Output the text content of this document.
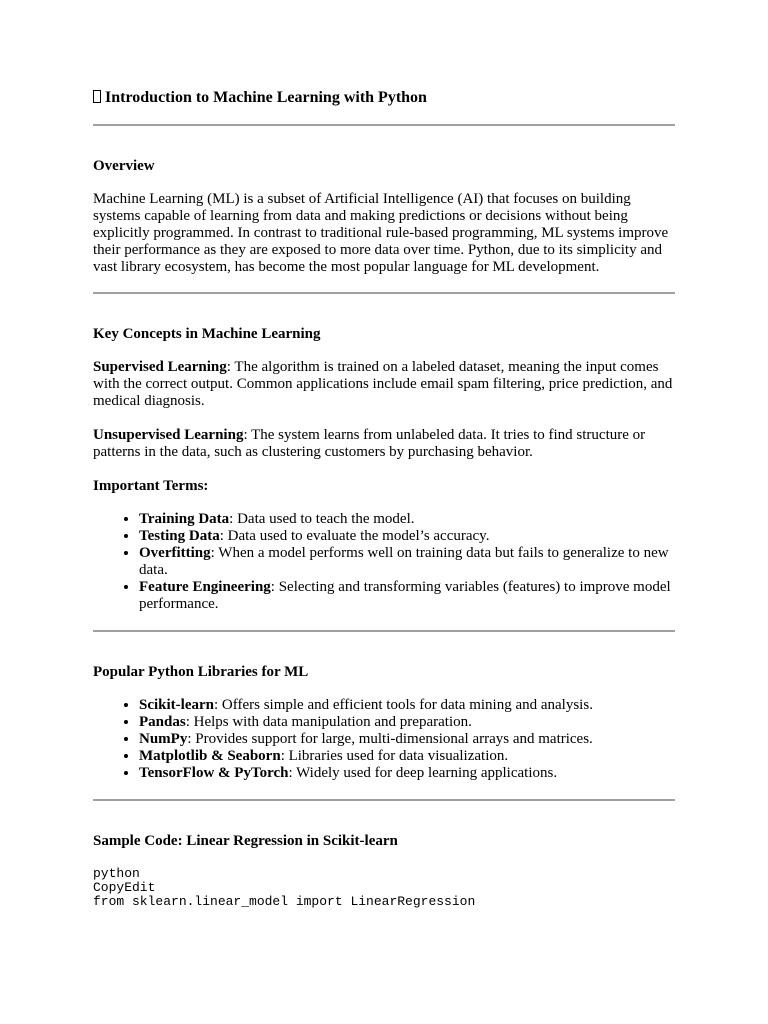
Introduction to Machine Learning with Python
Overview

Machine Learning (ML) is a subset of Artificial Intelligence (AI) that focuses on building systems capable of learning from data and making predictions or decisions without being explicitly programmed. In contrast to traditional rule-based programming, ML systems improve their performance as they are exposed to more data over time. Python, due to its simplicity and vast library ecosystem, has become the most popular language for ML development.

Key Concepts in Machine Learning

Supervised Learning: The algorithm is trained on a labeled dataset, meaning the input comes with the correct output. Common applications include email spam filtering, price prediction, and medical diagnosis.

Unsupervised Learning: The system learns from unlabeled data. It tries to find structure or patterns in the data, such as clustering customers by purchasing behavior.

Important Terms:

• Training Data: Data used to teach the model.
• Testing Data: Data used to evaluate the model’s accuracy.
• Overfitting: When a model performs well on training data but fails to generalize to new data.
• Feature Engineering: Selecting and transforming variables (features) to improve model performance.
Popular Python Libraries for ML
• Scikit-learn: Offers simple and efficient tools for data mining and analysis.
• Pandas: Helps with data manipulation and preparation.
• NumPy: Provides support for large, multi-dimensional arrays and matrices.
• Matplotlib & Seaborn: Libraries used for data visualization.
• TensorFlow & PyTorch: Widely used for deep learning applications.
Sample Code: Linear Regression in Scikit-learn
python
CopyEdit
from sklearn.linear_model import LinearRegression
